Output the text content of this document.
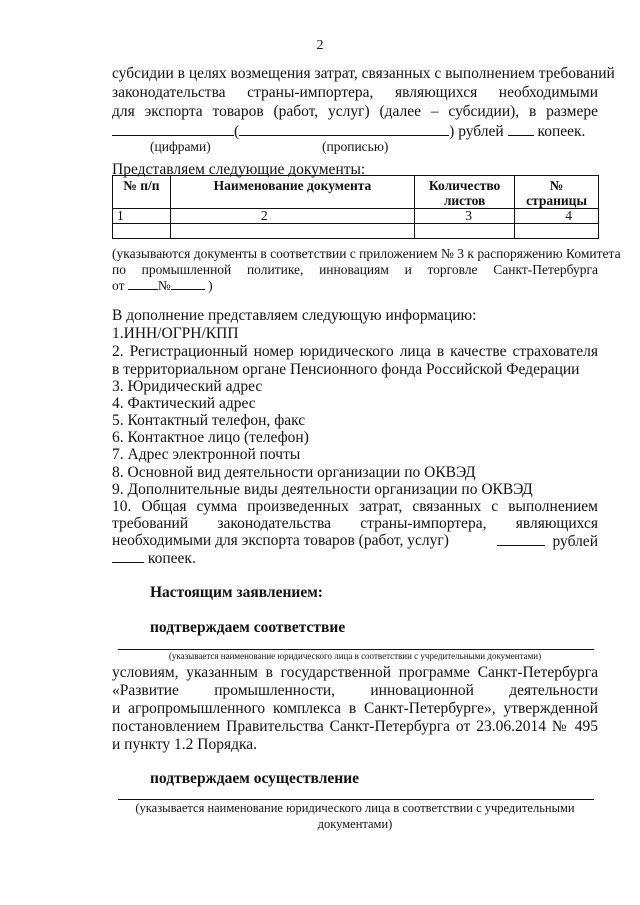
2
субсидии в целях возмещения затрат, связанных с выполнением требований
законодательства страны-импортера, являющихся необходимыми
для экспорта товаров (работ, услуг) (далее – субсидии), в размере
(	) рублей копеек.
(цифрами)	(прописью)
Представляем следующие документы:
№ п/п	Наименование документа	Количество листов	№ страницы
1	2	3	4

(указываются документы в соответствии с приложением № 3 к распоряжению Комитета
по промышленной политике, инновациям и торговле Санкт-Петербурга
от №	)
В дополнение представляем следующую информацию:
1.ИНН/ОГРН/КПП
2. Регистрационный номер юридического лица в качестве страхователя
в территориальном органе Пенсионного фонда Российской Федерации
3. Юридический адрес
4. Фактический адрес
5. Контактный телефон, факс
6. Контактное лицо (телефон)
7. Адрес электронной почты
8. Основной вид деятельности организации по ОКВЭД
9. Дополнительные виды деятельности организации по ОКВЭД
10. Общая сумма произведенных затрат, связанных с выполнением
требований законодательства страны-импортера, являющихся
необходимыми для экспорта товаров (работ, услуг)	рублей
копеек.
Настоящим заявлением:
подтверждаем соответствие
(указывается наименование юридического лица в соответствии с учредительными документами)
условиям, указанным в государственной программе Санкт-Петербурга
«Развитие промышленности, инновационной деятельности
и агропромышленного комплекса в Санкт-Петербурге», утвержденной
постановлением Правительства Санкт-Петербурга от 23.06.2014 № 495
и пункту 1.2 Порядка.
подтверждаем осуществление
(указывается наименование юридического лица в соответствии с учредительными
документами)
